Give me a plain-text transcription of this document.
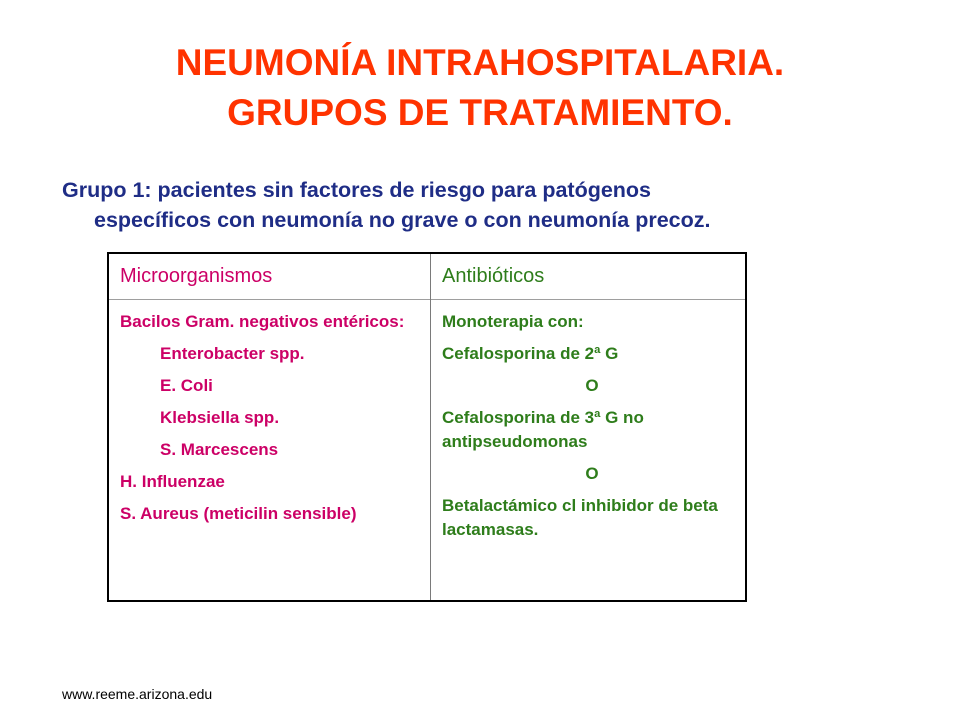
NEUMONÍA INTRAHOSPITALARIA.
GRUPOS DE TRATAMIENTO.
Grupo 1: pacientes sin factores de riesgo para patógenos
específicos con neumonía no grave o con neumonía precoz.
Microorganismos	Antibióticos
Bacilos Gram. negativos entéricos:
Enterobacter spp.
E. Coli
Klebsiella spp.
S. Marcescens
H. Influenzae
S. Aureus (meticilin sensible)
Monoterapia con:
Cefalosporina de 2ª G
O
Cefalosporina de 3ª G no antipseudomonas
O
Betalactámico cl inhibidor de beta lactamasas.
www.reeme.arizona.edu
